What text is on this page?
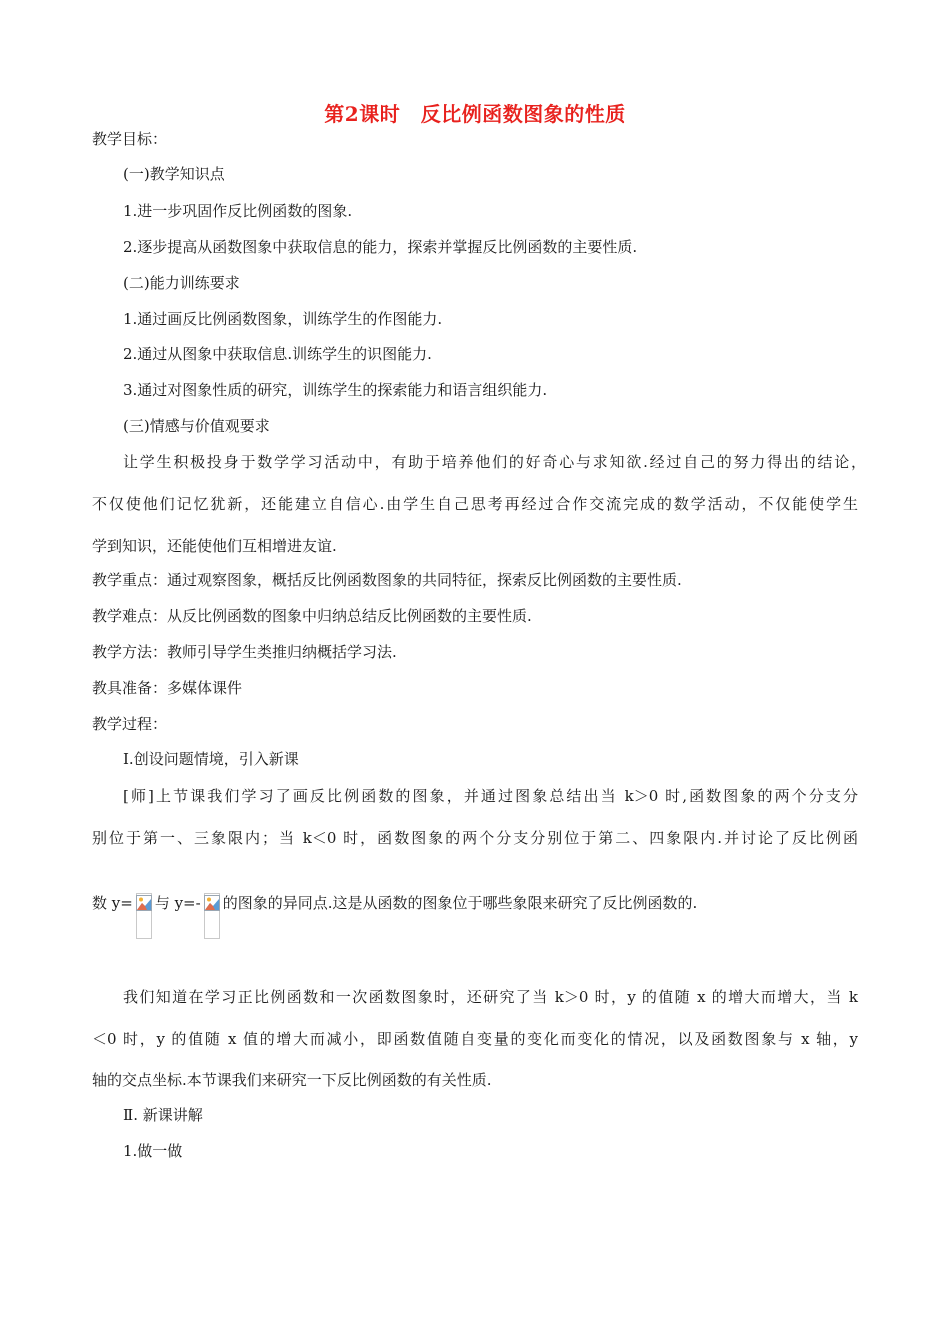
第2课时　反比例函数图象的性质
教学目标：
(一)教学知识点
1.进一步巩固作反比例函数的图象.
2.逐步提高从函数图象中获取信息的能力，探索并掌握反比例函数的主要性质.
(二)能力训练要求
1.通过画反比例函数图象，训练学生的作图能力.
2.通过从图象中获取信息.训练学生的识图能力.
3.通过对图象性质的研究，训练学生的探索能力和语言组织能力.
(三)情感与价值观要求
让学生积极投身于数学学习活动中，有助于培养他们的好奇心与求知欲.经过自己的努力得出的结论，
不仅使他们记忆犹新，还能建立自信心.由学生自己思考再经过合作交流完成的数学活动，不仅能使学生
学到知识，还能使他们互相增进友谊.
教学重点：通过观察图象，概括反比例函数图象的共同特征，探索反比例函数的主要性质.
教学难点：从反比例函数的图象中归纳总结反比例函数的主要性质.
教学方法：教师引导学生类推归纳概括学习法.
教具准备：多媒体课件
教学过程：
Ⅰ.创设问题情境，引入新课
[师]上节课我们学习了画反比例函数的图象，并通过图象总结出当 k＞0 时,函数图象的两个分支分
别位于第一、三象限内；当 k＜0 时，函数图象的两个分支分别位于第二、四象限内.并讨论了反比例函
数 y= 与 y=- 的图象的异同点.这是从函数的图象位于哪些象限来研究了反比例函数的.
我们知道在学习正比例函数和一次函数图象时，还研究了当 k＞0 时，y 的值随 x 的增大而增大，当 k
＜0 时，y 的值随 x 值的增大而减小，即函数值随自变量的变化而变化的情况，以及函数图象与 x 轴，y
轴的交点坐标.本节课我们来研究一下反比例函数的有关性质.
Ⅱ. 新课讲解
1.做一做
